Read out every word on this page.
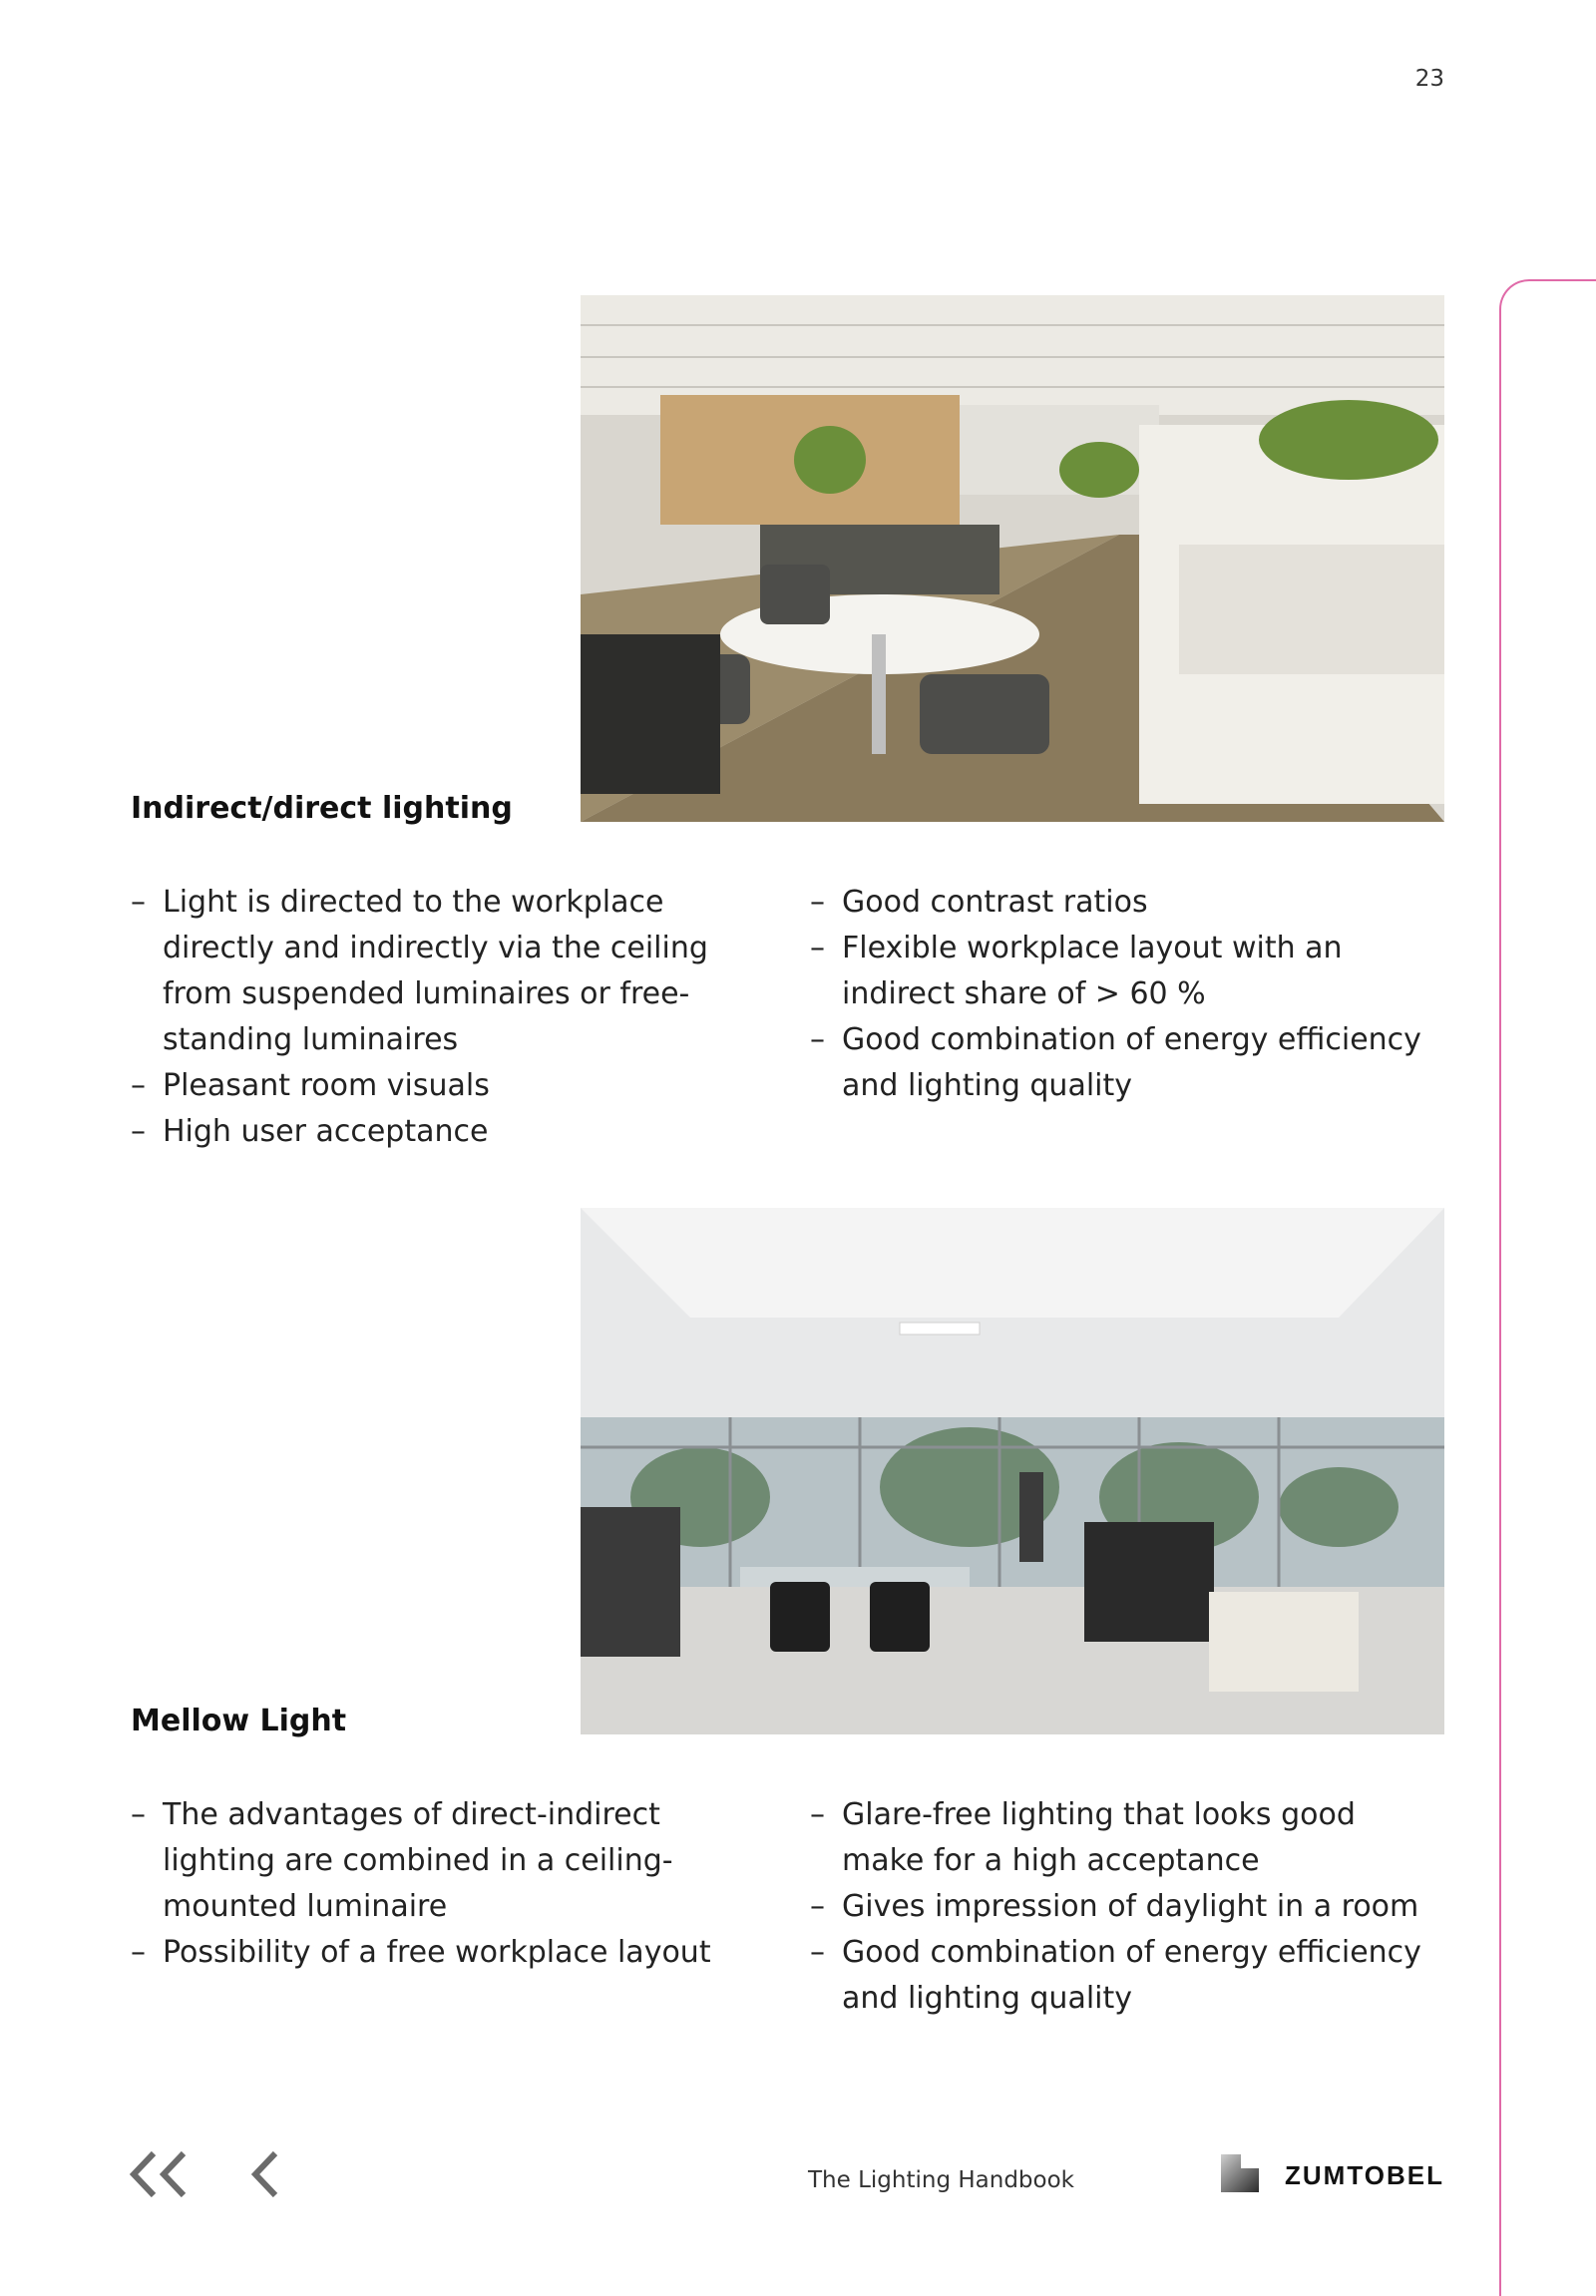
23
Indirect/direct lighting
– Light is directed to the workplace directly and indirectly via the ceiling from suspended luminaires or free-standing luminaires
– Pleasant room visuals
– High user acceptance
– Good contrast ratios
– Flexible workplace layout with an indirect share of > 60 %
– Good combination of energy efficiency and lighting quality
Mellow Light
– The advantages of direct-indirect lighting are combined in a ceiling-mounted luminaire
– Possibility of a free workplace layout
– Glare-free lighting that looks good make for a high acceptance
– Gives impression of daylight in a room
– Good combination of energy efficiency and lighting quality
The Lighting Handbook	ZUMTOBEL
